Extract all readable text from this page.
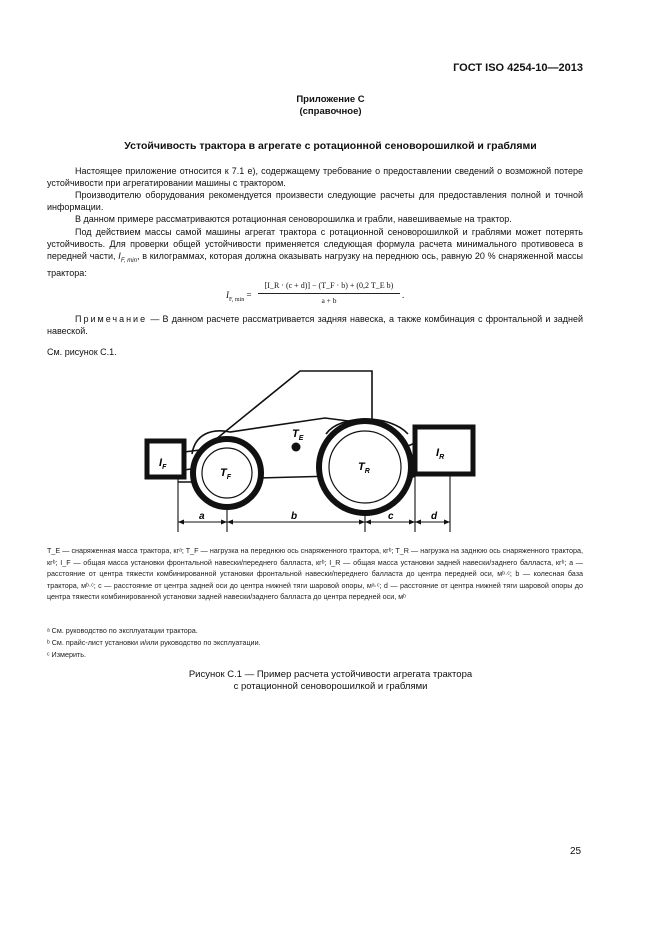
ГОСТ ISO 4254-10—2013
Приложение С
(справочное)
Устойчивость трактора в агрегате с ротационной сеноворошилкой и граблями
Настоящее приложение относится к 7.1 е), содержащему требование о предоставлении сведений о возможной потере устойчивости при агрегатировании машины с трактором.
Производителю оборудования рекомендуется произвести следующие расчеты для предоставления полной и точной информации.
В данном примере рассматриваются ротационная сеноворошилка и грабли, навешиваемые на трактор.
Под действием массы самой машины агрегат трактора с ротационной сеноворошилкой и граблями может потерять устойчивость. Для проверки общей устойчивости применяется следующая формула расчета минимального противовеса в передней части, $I_{F, min}$, в килограммах, которая должна оказывать нагрузку на переднюю ось, равную 20 % снаряженной массы трактора:
$I_{F, min}$ =
[I_R · (c + d)] − (T_F · b) + (0,2 T_E b)
a + b
.
Примечание — В данном расчете рассматривается задняя навеска, а также комбинация с фронтальной и задней навеской.
См. рисунок С.1.
$I_F$	$T_F$
$T_E$
$T_R$
$I_R$
a	b	c	d
T_E — снаряженная масса трактора, кгᵃ; T_F — нагрузка на переднюю ось снаряженного трактора, кгᵇ; T_R — нагрузка на заднюю ось снаряженного трактора, кгᵇ; I_F — общая масса установки фронтальной навески/переднего балласта, кгᵇ; I_R — общая масса установки задней навески/заднего балласта, кгᵇ; a — расстояние от центра тяжести комбинированной установки фронтальной навески/переднего балласта до центра передней оси, мᵇ·ᶜ; b — колесная база трактора, мᵇ·ᶜ; c — расстояние от центра задней оси до центра нижней тяги шаровой опоры, мᵃ·ᶜ; d — расстояние от центра нижней тяги шаровой опоры до центра тяжести комбинированной установки задней навески/заднего балласта до центра передней оси, мᵇ
ᵃ См. руководство по эксплуатации трактора.
ᵇ См. прайс-лист установки и/или руководство по эксплуатации.
ᶜ Измерить.
Рисунок С.1 — Пример расчета устойчивости агрегата трактора
с ротационной сеноворошилкой и граблями
25
